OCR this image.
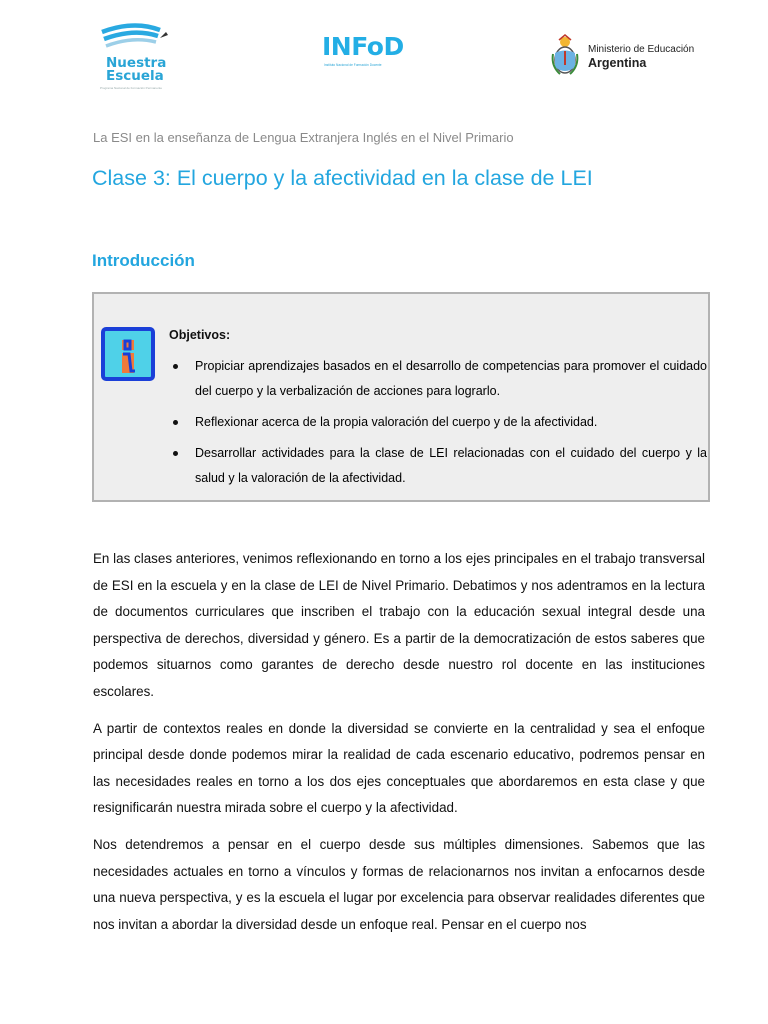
Nuestra
Escuela
Programa Nacional de Formación Permanente
INFoD
Instituto Nacional de Formación Docente
Ministerio de Educación
Argentina
La ESI en la enseñanza de Lengua Extranjera Inglés en el Nivel Primario
Clase 3: El cuerpo y la afectividad en la clase de LEI
Introducción
Objetivos:
Propiciar aprendizajes basados en el desarrollo de competencias para promover el cuidado del cuerpo y la verbalización de acciones para lograrlo.
Reflexionar acerca de la propia valoración del cuerpo y de la afectividad.
Desarrollar actividades para la clase de LEI relacionadas con el cuidado del cuerpo y la salud y la valoración de la afectividad.

En las clases anteriores, venimos reflexionando en torno a los ejes principales en el trabajo transversal de ESI en la escuela y en la clase de LEI de Nivel Primario. Debatimos y nos adentramos en la lectura de documentos curriculares que inscriben el trabajo con la educación sexual integral desde una perspectiva de derechos, diversidad y género. Es a partir de la democratización de estos saberes que podemos situarnos como garantes de derecho desde nuestro rol docente en las instituciones escolares.

A partir de contextos reales en donde la diversidad se convierte en la centralidad y sea el enfoque principal desde donde podemos mirar la realidad de cada escenario educativo, podremos pensar en las necesidades reales en torno a los dos ejes conceptuales que abordaremos en esta clase y que resignificarán nuestra mirada sobre el cuerpo y la afectividad.

Nos detendremos a pensar en el cuerpo desde sus múltiples dimensiones. Sabemos que las necesidades actuales en torno a vínculos y formas de relacionarnos nos invitan a enfocarnos desde una nueva perspectiva, y es la escuela el lugar por excelencia para observar realidades diferentes que nos invitan a abordar la diversidad desde un enfoque real. Pensar en el cuerpo nos
